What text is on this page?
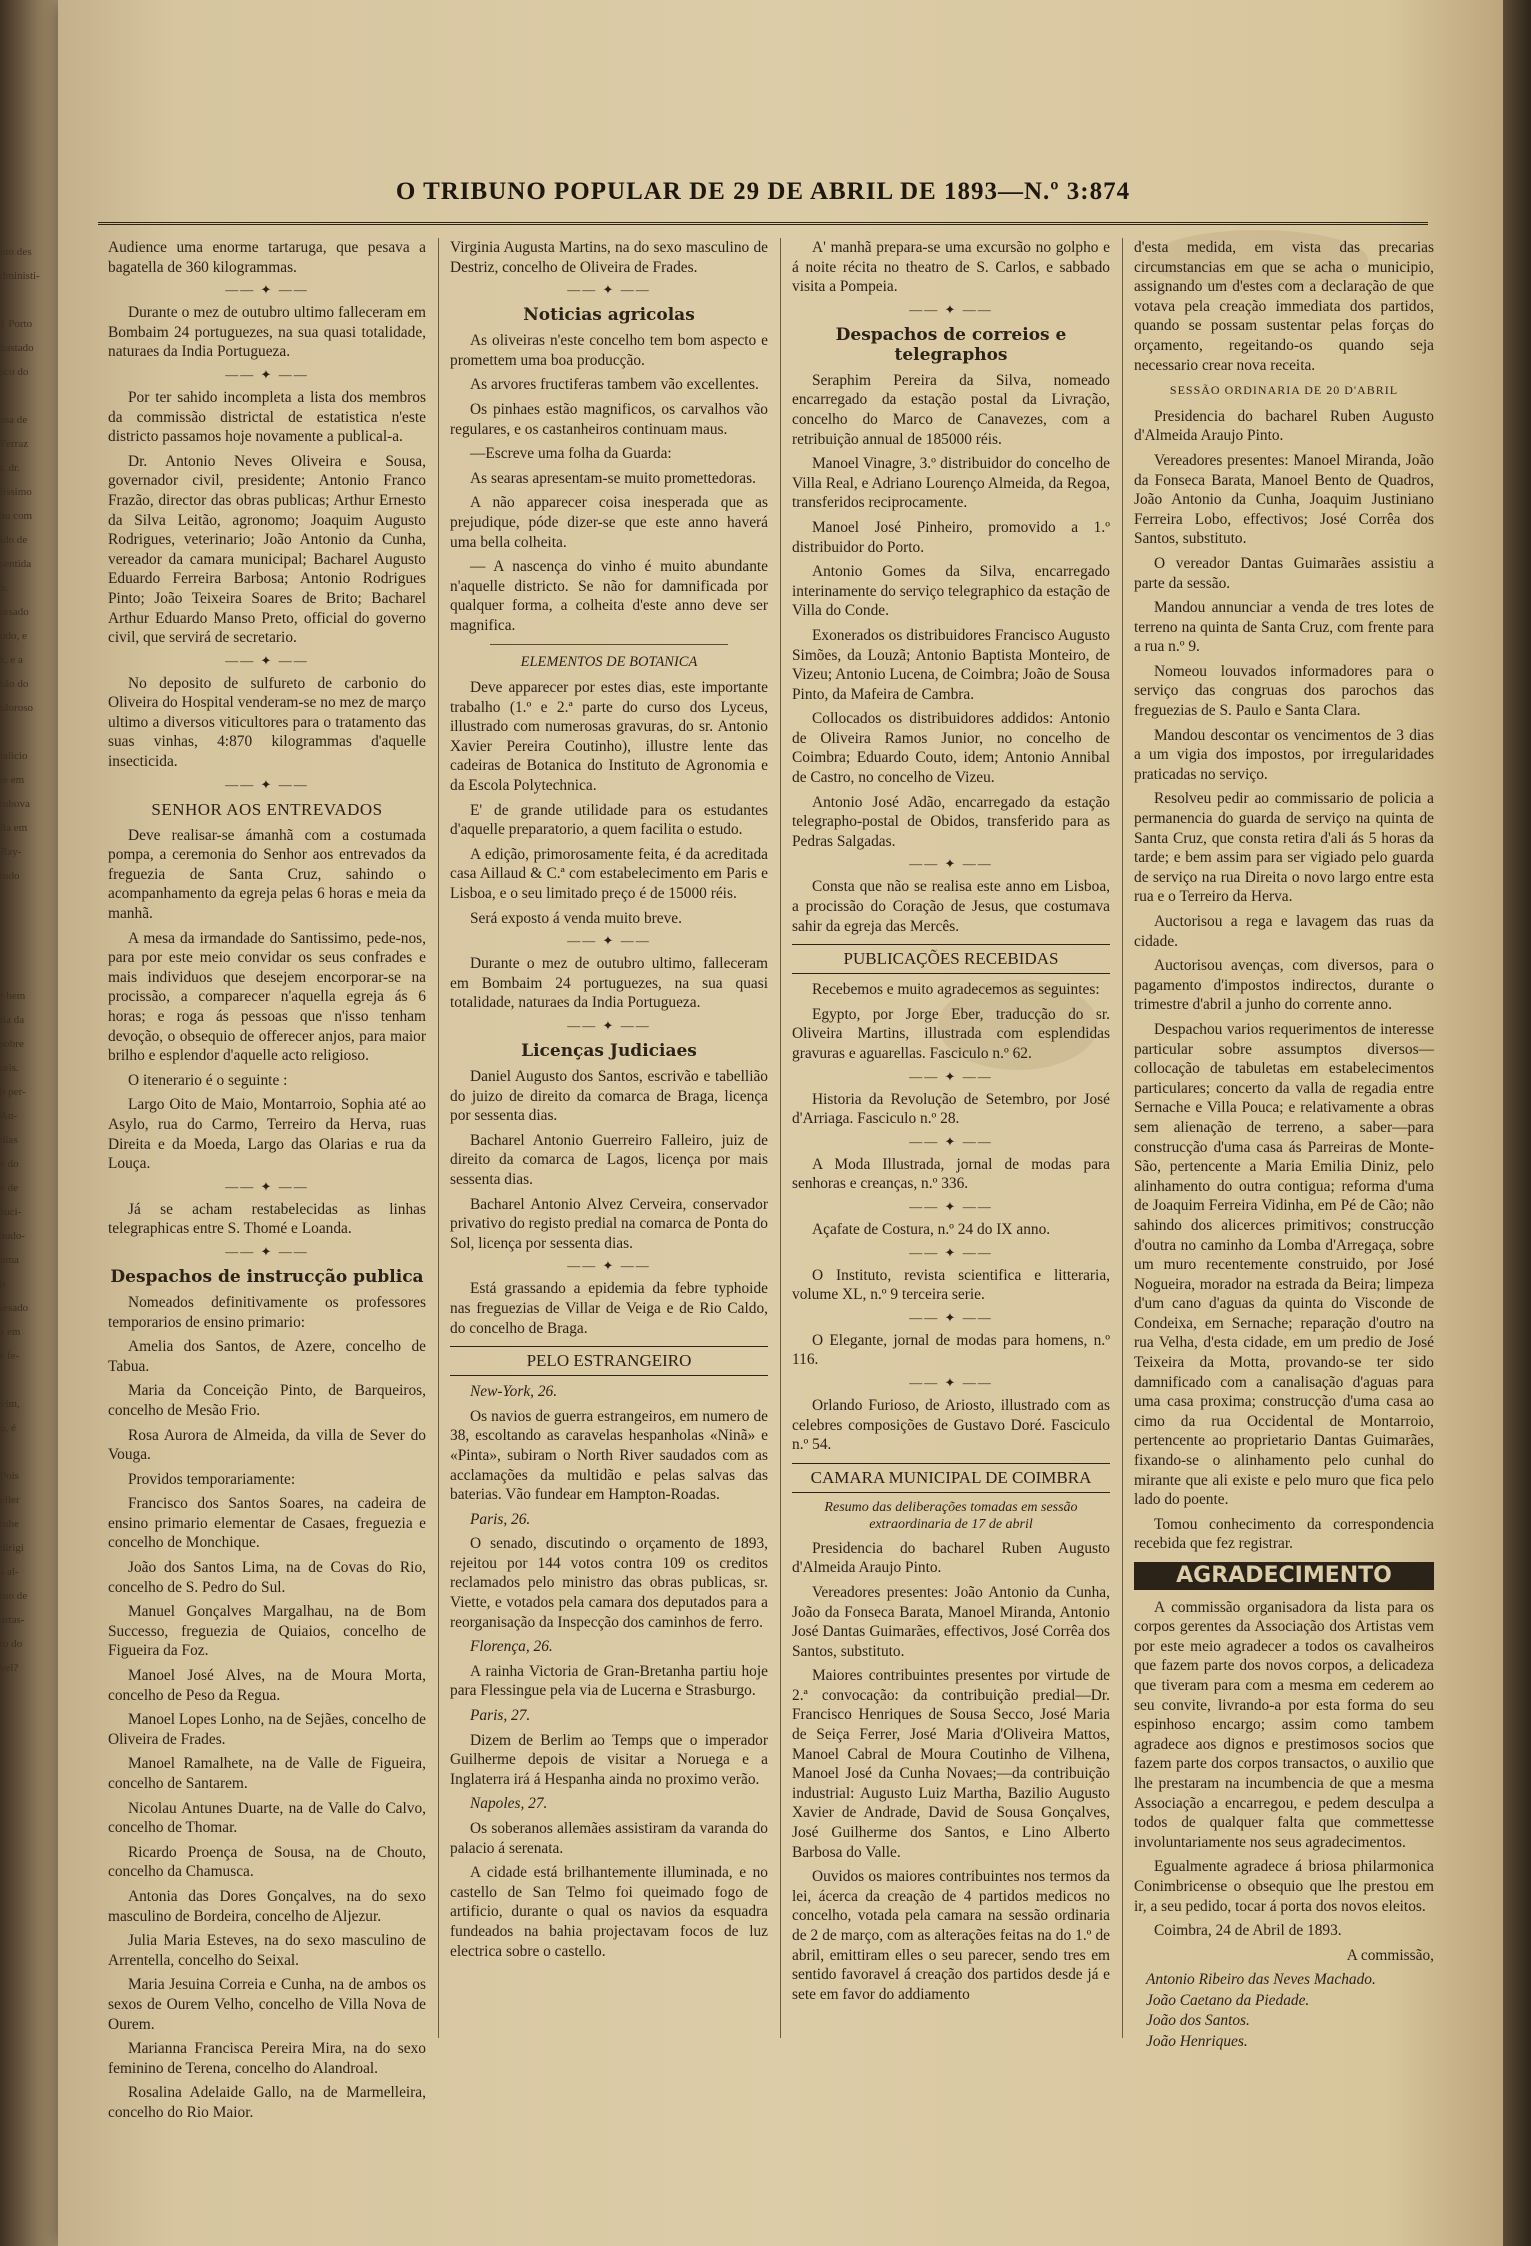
nto des
dministi-

1 Porto
bastado
sco do

asa de
Ferraz
r. dr.
lissimo
au com
ido de
sentida
h.
resado
odo, e
z, e a
são do
oloroso

talicio
te em
mbova
ila em
Ray-
tudo

r bem
tia da
sobre
reis.
o per-
An-
dias
e do
e de
suci-
audo-
uma
o
iesado
s em
s fe-

vim,
o, é

Pois
eller
mhe
dirigi
s al-
mo de
artas-
to do
vel?
O TRIBUNO POPULAR DE 29 DE ABRIL DE 1893—N.º 3:874

Audience uma enorme tartaruga, que pesava a bagatella de 360 kilogrammas.

—— ✦ ——

Durante o mez de outubro ultimo falleceram em Bombaim 24 portuguezes, na sua quasi totalidade, naturaes da India Portugueza.

—— ✦ ——

Por ter sahido incompleta a lista dos membros da commissão districtal de estatistica n'este districto passamos hoje novamente a publical-a.

Dr. Antonio Neves Oliveira e Sousa, governador civil, presidente; Antonio Franco Frazão, director das obras publicas; Arthur Ernesto da Silva Leitão, agronomo; Joaquim Augusto Rodrigues, veterinario; João Antonio da Cunha, vereador da camara municipal; Bacharel Augusto Eduardo Ferreira Barbosa; Antonio Rodrigues Pinto; João Teixeira Soares de Brito; Bacharel Arthur Eduardo Manso Preto, official do governo civil, que servirá de secretario.

—— ✦ ——

No deposito de sulfureto de carbonio do Oliveira do Hospital venderam-se no mez de março ultimo a diversos viticultores para o tratamento das suas vinhas, 4:870 kilogrammas d'aquelle insecticida.

—— ✦ ——
SENHOR AOS ENTREVADOS

Deve realisar-se ámanhã com a costumada pompa, a ceremonia do Senhor aos entrevados da freguezia de Santa Cruz, sahindo o acompanhamento da egreja pelas 6 horas e meia da manhã.

A mesa da irmandade do Santissimo, pede-nos, para por este meio convidar os seus confrades e mais individuos que desejem encorporar-se na procissão, a comparecer n'aquella egreja ás 6 horas; e roga ás pessoas que n'isso tenham devoção, o obsequio de offerecer anjos, para maior brilho e esplendor d'aquelle acto religioso.

O itenerario é o seguinte :

Largo Oito de Maio, Montarroio, Sophia até ao Asylo, rua do Carmo, Terreiro da Herva, ruas Direita e da Moeda, Largo das Olarias e rua da Louça.

—— ✦ ——

Já se acham restabelecidas as linhas telegraphicas entre S. Thomé e Loanda.

—— ✦ ——
Despachos de instrucção publica

Nomeados definitivamente os professores temporarios de ensino primario:

Amelia dos Santos, de Azere, concelho de Tabua.

Maria da Conceição Pinto, de Barqueiros, concelho de Mesão Frio.

Rosa Aurora de Almeida, da villa de Sever do Vouga.

Providos temporariamente:

Francisco dos Santos Soares, na cadeira de ensino primario elementar de Casaes, freguezia e concelho de Monchique.

João dos Santos Lima, na de Covas do Rio, concelho de S. Pedro do Sul.

Manuel Gonçalves Margalhau, na de Bom Successo, freguezia de Quiaios, concelho de Figueira da Foz.

Manoel José Alves, na de Moura Morta, concelho de Peso da Regua.

Manoel Lopes Lonho, na de Sejães, concelho de Oliveira de Frades.

Manoel Ramalhete, na de Valle de Figueira, concelho de Santarem.

Nicolau Antunes Duarte, na de Valle do Calvo, concelho de Thomar.

Ricardo Proença de Sousa, na de Chouto, concelho da Chamusca.

Antonia das Dores Gonçalves, na do sexo masculino de Bordeira, concelho de Aljezur.

Julia Maria Esteves, na do sexo masculino de Arrentella, concelho do Seixal.

Maria Jesuina Correia e Cunha, na de ambos os sexos de Ourem Velho, concelho de Villa Nova de Ourem.

Marianna Francisca Pereira Mira, na do sexo feminino de Terena, concelho do Alandroal.

Rosalina Adelaide Gallo, na de Marmelleira, concelho do Rio Maior.

Virginia Augusta Martins, na do sexo masculino de Destriz, concelho de Oliveira de Frades.

—— ✦ ——
Noticias agricolas

As oliveiras n'este concelho tem bom aspecto e promettem uma boa producção.

As arvores fructiferas tambem vão excellentes.

Os pinhaes estão magnificos, os carvalhos vão regulares, e os castanheiros continuam maus.

—Escreve uma folha da Guarda:

As searas apresentam-se muito promettedoras.

A não apparecer coisa inesperada que as prejudique, póde dizer-se que este anno haverá uma bella colheita.

— A nascença do vinho é muito abundante n'aquelle districto. Se não for damnificada por qualquer forma, a colheita d'este anno deve ser magnifica.

ELEMENTOS DE BOTANICA

Deve apparecer por estes dias, este importante trabalho (1.º e 2.ª parte do curso dos Lyceus, illustrado com numerosas gravuras, do sr. Antonio Xavier Pereira Coutinho), illustre lente das cadeiras de Botanica do Instituto de Agronomia e da Escola Polytechnica.

E' de grande utilidade para os estudantes d'aquelle preparatorio, a quem facilita o estudo.

A edição, primorosamente feita, é da acreditada casa Aillaud & C.ª com estabelecimento em Paris e Lisboa, e o seu limitado preço é de 15000 réis.

Será exposto á venda muito breve.

—— ✦ ——

Durante o mez de outubro ultimo, falleceram em Bombaim 24 portuguezes, na sua quasi totalidade, naturaes da India Portugueza.

—— ✦ ——
Licenças Judiciaes

Daniel Augusto dos Santos, escrivão e tabellião do juizo de direito da comarca de Braga, licença por sessenta dias.

Bacharel Antonio Guerreiro Falleiro, juiz de direito da comarca de Lagos, licença por mais sessenta dias.

Bacharel Antonio Alvez Cerveira, conservador privativo do registo predial na comarca de Ponta do Sol, licença por sessenta dias.

—— ✦ ——

Está grassando a epidemia da febre typhoide nas freguezias de Villar de Veiga e de Rio Caldo, do concelho de Braga.

PELO ESTRANGEIRO

New-York, 26.

Os navios de guerra estrangeiros, em numero de 38, escoltando as caravelas hespanholas «Ninã» e «Pinta», subiram o North River saudados com as acclamações da multidão e pelas salvas das baterias. Vão fundear em Hampton-Roadas.

Paris, 26.

O senado, discutindo o orçamento de 1893, rejeitou por 144 votos contra 109 os creditos reclamados pelo ministro das obras publicas, sr. Viette, e votados pela camara dos deputados para a reorganisação da Inspecção dos caminhos de ferro.

Florença, 26.

A rainha Victoria de Gran-Bretanha partiu hoje para Flessingue pela via de Lucerna e Strasburgo.

Paris, 27.

Dizem de Berlim ao Temps que o imperador Guilherme depois de visitar a Noruega e a Inglaterra irá á Hespanha ainda no proximo verão.

Napoles, 27.

Os soberanos allemães assistiram da varanda do palacio á serenata.

A cidade está brilhantemente illuminada, e no castello de San Telmo foi queimado fogo de artificio, durante o qual os navios da esquadra fundeados na bahia projectavam focos de luz electrica sobre o castello.

A' manhã prepara-se uma excursão no golpho e á noite récita no theatro de S. Carlos, e sabbado visita a Pompeia.

—— ✦ ——
Despachos de correios e telegraphos

Seraphim Pereira da Silva, nomeado encarregado da estação postal da Livração, concelho do Marco de Canavezes, com a retribuição annual de 185000 réis.

Manoel Vinagre, 3.º distribuidor do concelho de Villa Real, e Adriano Lourenço Almeida, da Regoa, transferidos reciprocamente.

Manoel José Pinheiro, promovido a 1.º distribuidor do Porto.

Antonio Gomes da Silva, encarregado interinamente do serviço telegraphico da estação de Villa do Conde.

Exonerados os distribuidores Francisco Augusto Simões, da Louzã; Antonio Baptista Monteiro, de Vizeu; Antonio Lucena, de Coimbra; João de Sousa Pinto, da Mafeira de Cambra.

Collocados os distribuidores addidos: Antonio de Oliveira Ramos Junior, no concelho de Coimbra; Eduardo Couto, idem; Antonio Annibal de Castro, no concelho de Vizeu.

Antonio José Adão, encarregado da estação telegrapho-postal de Obidos, transferido para as Pedras Salgadas.

—— ✦ ——

Consta que não se realisa este anno em Lisboa, a procissão do Coração de Jesus, que costumava sahir da egreja das Mercês.

PUBLICAÇÕES RECEBIDAS

Recebemos e muito agradecemos as seguintes:

Egypto, por Jorge Eber, traducção do sr. Oliveira Martins, illustrada com esplendidas gravuras e aguarellas. Fasciculo n.º 62.

—— ✦ ——

Historia da Revolução de Setembro, por José d'Arriaga. Fasciculo n.º 28.

—— ✦ ——

A Moda Illustrada, jornal de modas para senhoras e creanças, n.º 336.

—— ✦ ——

Açafate de Costura, n.º 24 do IX anno.

—— ✦ ——

O Instituto, revista scientifica e litteraria, volume XL, n.º 9 terceira serie.

—— ✦ ——

O Elegante, jornal de modas para homens, n.º 116.

—— ✦ ——

Orlando Furioso, de Ariosto, illustrado com as celebres composições de Gustavo Doré. Fasciculo n.º 54.

CAMARA MUNICIPAL DE COIMBRA
Resumo das deliberações tomadas em sessão extraordinaria de 17 de abril

Presidencia do bacharel Ruben Augusto d'Almeida Araujo Pinto.

Vereadores presentes: João Antonio da Cunha, João da Fonseca Barata, Manoel Miranda, Antonio José Dantas Guimarães, effectivos, José Corrêa dos Santos, substituto.

Maiores contribuintes presentes por virtude de 2.ª convocação: da contribuição predial—Dr. Francisco Henriques de Sousa Secco, José Maria de Seiça Ferrer, José Maria d'Oliveira Mattos, Manoel Cabral de Moura Coutinho de Vilhena, Manoel José da Cunha Novaes;—da contribuição industrial: Augusto Luiz Martha, Bazilio Augusto Xavier de Andrade, David de Sousa Gonçalves, José Guilherme dos Santos, e Lino Alberto Barbosa do Valle.

Ouvidos os maiores contribuintes nos termos da lei, ácerca da creação de 4 partidos medicos no concelho, votada pela camara na sessão ordinaria de 2 de março, com as alterações feitas na do 1.º de abril, emittiram elles o seu parecer, sendo tres em sentido favoravel á creação dos partidos desde já e sete em favor do addiamento

d'esta medida, em vista das precarias circumstancias em que se acha o municipio, assignando um d'estes com a declaração de que votava pela creação immediata dos partidos, quando se possam sustentar pelas forças do orçamento, regeitando-os quando seja necessario crear nova receita.

SESSÃO ORDINARIA DE 20 D'ABRIL

Presidencia do bacharel Ruben Augusto d'Almeida Araujo Pinto.

Vereadores presentes: Manoel Miranda, João da Fonseca Barata, Manoel Bento de Quadros, João Antonio da Cunha, Joaquim Justiniano Ferreira Lobo, effectivos; José Corrêa dos Santos, substituto.

O vereador Dantas Guimarães assistiu a parte da sessão.

Mandou annunciar a venda de tres lotes de terreno na quinta de Santa Cruz, com frente para a rua n.º 9.

Nomeou louvados informadores para o serviço das congruas dos parochos das freguezias de S. Paulo e Santa Clara.

Mandou descontar os vencimentos de 3 dias a um vigia dos impostos, por irregularidades praticadas no serviço.

Resolveu pedir ao commissario de policia a permanencia do guarda de serviço na quinta de Santa Cruz, que consta retira d'ali ás 5 horas da tarde; e bem assim para ser vigiado pelo guarda de serviço na rua Direita o novo largo entre esta rua e o Terreiro da Herva.

Auctorisou a rega e lavagem das ruas da cidade.

Auctorisou avenças, com diversos, para o pagamento d'impostos indirectos, durante o trimestre d'abril a junho do corrente anno.

Despachou varios requerimentos de interesse particular sobre assumptos diversos—collocação de tabuletas em estabelecimentos particulares; concerto da valla de regadia entre Sernache e Villa Pouca; e relativamente a obras sem alienação de terreno, a saber—para construcção d'uma casa ás Parreiras de Monte-São, pertencente a Maria Emilia Diniz, pelo alinhamento do outra contigua; reforma d'uma de Joaquim Ferreira Vidinha, em Pé de Cão; não sahindo dos alicerces primitivos; construcção d'outra no caminho da Lomba d'Arregaça, sobre um muro recentemente construido, por José Nogueira, morador na estrada da Beira; limpeza d'um cano d'aguas da quinta do Visconde de Condeixa, em Sernache; reparação d'outro na rua Velha, d'esta cidade, em um predio de José Teixeira da Motta, provando-se ter sido damnificado com a canalisação d'aguas para uma casa proxima; construcção d'uma casa ao cimo da rua Occidental de Montarroio, pertencente ao proprietario Dantas Guimarães, fixando-se o alinhamento pelo cunhal do mirante que ali existe e pelo muro que fica pelo lado do poente.

Tomou conhecimento da correspondencia recebida que fez registrar.

AGRADECIMENTO

A commissão organisadora da lista para os corpos gerentes da Associação dos Artistas vem por este meio agradecer a todos os cavalheiros que fazem parte dos novos corpos, a delicadeza que tiveram para com a mesma em cederem ao seu convite, livrando-a por esta forma do seu espinhoso encargo; assim como tambem agradece aos dignos e prestimosos socios que fazem parte dos corpos transactos, o auxilio que lhe prestaram na incumbencia de que a mesma Associação a encarregou, e pedem desculpa a todos de qualquer falta que commettesse involuntariamente nos seus agradecimentos.

Egualmente agradece á briosa philarmonica Conimbricense o obsequio que lhe prestou em ir, a seu pedido, tocar á porta dos novos eleitos.

Coimbra, 24 de Abril de 1893.

A commissão,

Antonio Ribeiro das Neves Machado.

João Caetano da Piedade.

João dos Santos.

João Henriques.
